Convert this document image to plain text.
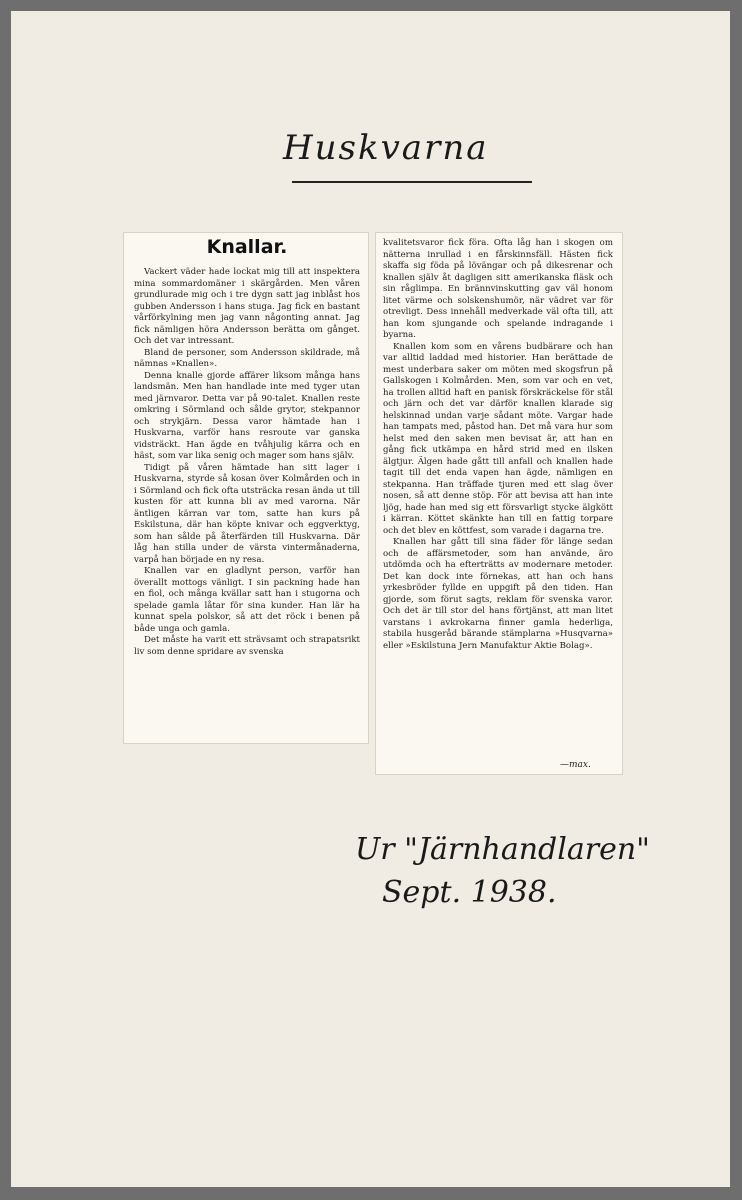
Huskvarna
Knallar.

Vackert väder hade lockat mig till att inspektera mina sommardomäner i skärgården. Men våren grundlurade mig och i tre dygn satt jag inblåst hos gubben Andersson i hans stuga. Jag fick en bastant vårförkylning men jag vann någonting annat. Jag fick nämligen höra Andersson berätta om gånget. Och det var intressant.

Bland de personer, som Andersson skildrade, må nämnas »Knallen».

Denna knalle gjorde affärer liksom många hans landsmän. Men han handlade inte med tyger utan med järnvaror. Detta var på 90-talet. Knallen reste omkring i Sörmland och sålde grytor, stekpannor och strykjärn. Dessa varor hämtade han i Huskvarna, varför hans resroute var ganska vidsträckt. Han ägde en tvåhjulig kärra och en häst, som var lika senig och mager som hans själv.

Tidigt på våren hämtade han sitt lager i Huskvarna, styrde så kosan över Kolmården och in i Sörmland och fick ofta utsträcka resan ända ut till kusten för att kunna bli av med varorna. När äntligen kärran var tom, satte han kurs på Eskilstuna, där han köpte knivar och eggverktyg, som han sålde på återfärden till Huskvarna. Där låg han stilla under de värsta vintermånaderna, varpå han började en ny resa.

Knallen var en gladlynt person, varför han överallt mottogs vänligt. I sin packning hade han en fiol, och många kvällar satt han i stugorna och spelade gamla låtar för sina kunder. Han lär ha kunnat spela polskor, så att det röck i benen på både unga och gamla.

Det måste ha varit ett strävsamt och strapatsrikt liv som denne spridare av svenska

kvalitetsvaror fick föra. Ofta låg han i skogen om nätterna inrullad i en fårskinnsfäll. Hästen fick skaffa sig föda på lövängar och på dikesrenar och knallen själv åt dagligen sitt amerikanska fläsk och sin råglimpa. En brännvinskutting gav väl honom litet värme och solskenshumör, när vädret var för otrevligt. Dess innehåll medverkade väl ofta till, att han kom sjungande och spelande indragande i byarna.

Knallen kom som en vårens budbärare och han var alltid laddad med historier. Han berättade de mest underbara saker om möten med skogsfrun på Gallskogen i Kolmården. Men, som var och en vet, ha trollen alltid haft en panisk förskräckelse för stål och järn och det var därför knallen klarade sig helskinnad undan varje sådant möte. Vargar hade han tampats med, påstod han. Det må vara hur som helst med den saken men bevisat är, att han en gång fick utkämpa en hård strid med en ilsken älgtjur. Älgen hade gått till anfall och knallen hade tagit till det enda vapen han ägde, nämligen en stekpanna. Han träffade tjuren med ett slag över nosen, så att denne stöp. För att bevisa att han inte ljög, hade han med sig ett försvarligt stycke älgkött i kärran. Köttet skänkte han till en fattig torpare och det blev en köttfest, som varade i dagarna tre.

Knallen har gått till sina fäder för länge sedan och de affärsmetoder, som han använde, äro utdömda och ha efterträtts av modernare metoder. Det kan dock inte förnekas, att han och hans yrkesbröder fyllde en uppgift på den tiden. Han gjorde, som förut sagts, reklam för svenska varor. Och det är till stor del hans förtjänst, att man litet varstans i avkrokarna finner gamla hederliga, stabila husgeråd bärande stämplarna »Husqvarna» eller »Eskilstuna Jern Manufaktur Aktie Bolag».

—max.
Ur "Järnhandlaren"
Sept. 1938.
